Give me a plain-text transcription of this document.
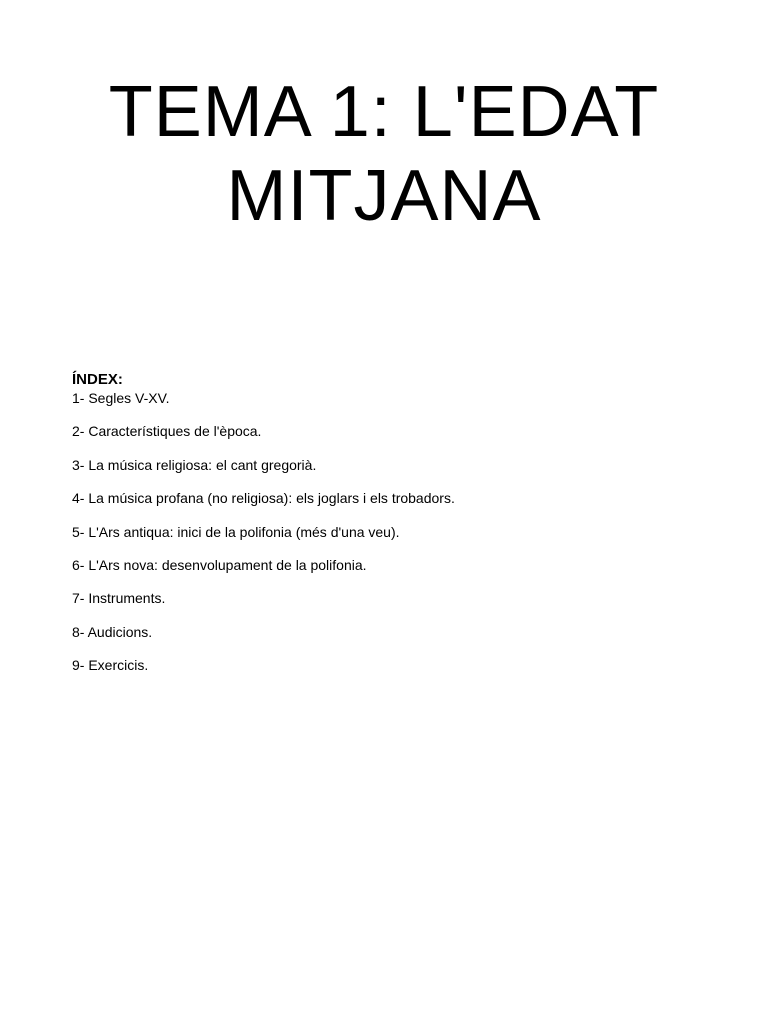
TEMA 1: L'EDAT
MITJANA

ÍNDEX:

1- Segles V-XV.
2- Característiques de l'època.
3- La música religiosa: el cant gregorià.
4- La música profana (no religiosa): els joglars i els trobadors.
5- L'Ars antiqua: inici de la polifonia (més d'una veu).
6- L'Ars nova: desenvolupament de la polifonia.
7- Instruments.
8- Audicions.
9- Exercicis.
